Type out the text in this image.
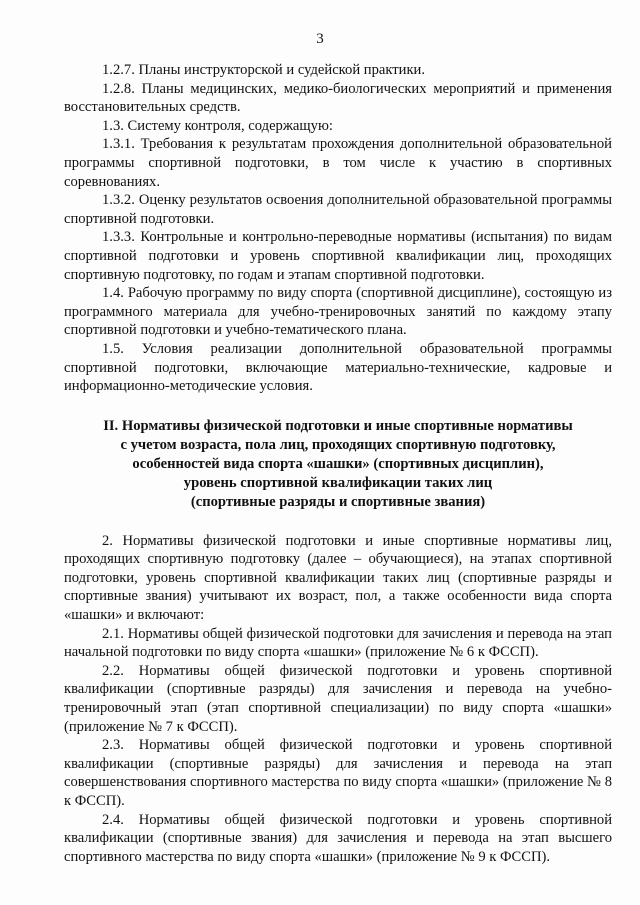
3

1.2.7. Планы инструкторской и судейской практики.

1.2.8. Планы медицинских, медико-биологических мероприятий и применения восстановительных средств.

1.3. Систему контроля, содержащую:

1.3.1. Требования к результатам прохождения дополнительной образовательной программы спортивной подготовки, в том числе к участию в спортивных соревнованиях.

1.3.2. Оценку результатов освоения дополнительной образовательной программы спортивной подготовки.

1.3.3. Контрольные и контрольно-переводные нормативы (испытания) по видам спортивной подготовки и уровень спортивной квалификации лиц, проходящих спортивную подготовку, по годам и этапам спортивной подготовки.

1.4. Рабочую программу по виду спорта (спортивной дисциплине), состоящую из программного материала для учебно-тренировочных занятий по каждому этапу спортивной подготовки и учебно-тематического плана.

1.5. Условия реализации дополнительной образовательной программы спортивной подготовки, включающие материально-технические, кадровые и информационно-методические условия.

II. Нормативы физической подготовки и иные спортивные нормативы
с учетом возраста, пола лиц, проходящих спортивную подготовку,
особенностей вида спорта «шашки» (спортивных дисциплин),
уровень спортивной квалификации таких лиц
(спортивные разряды и спортивные звания)

2. Нормативы физической подготовки и иные спортивные нормативы лиц, проходящих спортивную подготовку (далее – обучающиеся), на этапах спортивной подготовки, уровень спортивной квалификации таких лиц (спортивные разряды и спортивные звания) учитывают их возраст, пол, а также особенности вида спорта «шашки» и включают:

2.1. Нормативы общей физической подготовки для зачисления и перевода на этап начальной подготовки по виду спорта «шашки» (приложение № 6 к ФССП).

2.2. Нормативы общей физической подготовки и уровень спортивной квалификации (спортивные разряды) для зачисления и перевода на учебно-тренировочный этап (этап спортивной специализации) по виду спорта «шашки» (приложение № 7 к ФССП).

2.3. Нормативы общей физической подготовки и уровень спортивной квалификации (спортивные разряды) для зачисления и перевода на этап совершенствования спортивного мастерства по виду спорта «шашки» (приложение № 8 к ФССП).

2.4. Нормативы общей физической подготовки и уровень спортивной квалификации (спортивные звания) для зачисления и перевода на этап высшего спортивного мастерства по виду спорта «шашки» (приложение № 9 к ФССП).
